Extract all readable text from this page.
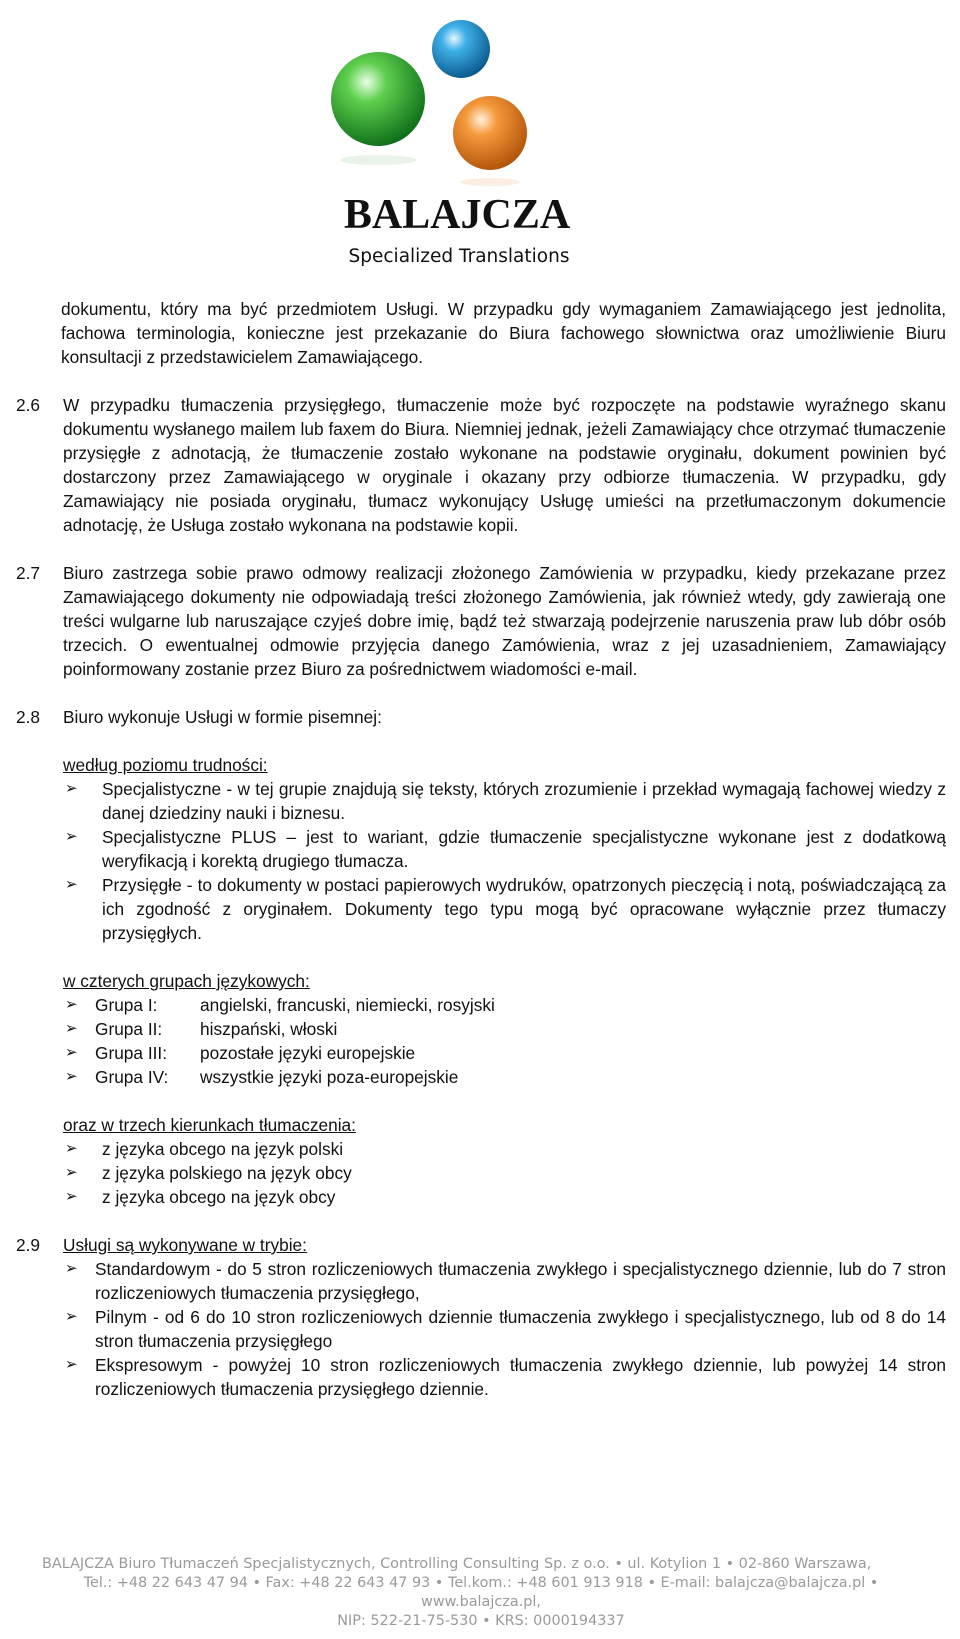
BALAJCZA
Specialized Translations

dokumentu, który ma być przedmiotem Usługi. W przypadku gdy wymaganiem Zamawiającego jest jednolita, fachowa terminologia, konieczne jest przekazanie do Biura fachowego słownictwa oraz umożliwienie Biuru konsultacji z przedstawicielem Zamawiającego.

2.6	W przypadku tłumaczenia przysięgłego, tłumaczenie może być rozpoczęte na podstawie wyraźnego skanu dokumentu wysłanego mailem lub faxem do Biura. Niemniej jednak, jeżeli Zamawiający chce otrzymać tłumaczenie przysięgłe z adnotacją, że tłumaczenie zostało wykonane na podstawie oryginału, dokument powinien być dostarczony przez Zamawiającego w oryginale i okazany przy odbiorze tłumaczenia. W przypadku, gdy Zamawiający nie posiada oryginału, tłumacz wykonujący Usługę umieści na przetłumaczonym dokumencie adnotację, że Usługa zostało wykonana na podstawie kopii.

2.7	Biuro zastrzega sobie prawo odmowy realizacji złożonego Zamówienia w przypadku, kiedy przekazane przez Zamawiającego dokumenty nie odpowiadają treści złożonego Zamówienia, jak również wtedy, gdy zawierają one treści wulgarne lub naruszające czyjeś dobre imię, bądź też stwarzają podejrzenie naruszenia praw lub dóbr osób trzecich. O ewentualnej odmowie przyjęcia danego Zamówienia, wraz z jej uzasadnieniem, Zamawiający poinformowany zostanie przez Biuro za pośrednictwem wiadomości e-mail.

2.8	Biuro wykonuje Usługi w formie pisemnej:

według poziomu trudności:

➢	Specjalistyczne - w tej grupie znajdują się teksty, których zrozumienie i przekład wymagają fachowej wiedzy z danej dziedziny nauki i biznesu.
➢	Specjalistyczne PLUS – jest to wariant, gdzie tłumaczenie specjalistyczne wykonane jest z dodatkową weryfikacją i korektą drugiego tłumacza.
➢	Przysięgłe - to dokumenty w postaci papierowych wydruków, opatrzonych pieczęcią i notą, poświadczającą za ich zgodność z oryginałem. Dokumenty tego typu mogą być opracowane wyłącznie przez tłumaczy przysięgłych.

w czterych grupach językowych:

➢	Grupa I: angielski, francuski, niemiecki, rosyjski
➢	Grupa II: hiszpański, włoski
➢	Grupa III: pozostałe języki europejskie
➢	Grupa IV: wszystkie języki poza-europejskie

oraz w trzech kierunkach tłumaczenia:

➢	z języka obcego na język polski
➢	z języka polskiego na język obcy
➢	z języka obcego na język obcy
2.9	Usługi są wykonywane w trybie:

➢	Standardowym - do 5 stron rozliczeniowych tłumaczenia zwykłego i specjalistycznego dziennie, lub do 7 stron rozliczeniowych tłumaczenia przysięgłego,
➢	Pilnym - od 6 do 10 stron rozliczeniowych dziennie tłumaczenia zwykłego i specjalistycznego, lub od 8 do 14 stron tłumaczenia przysięgłego
➢	Ekspresowym - powyżej 10 stron rozliczeniowych tłumaczenia zwykłego dziennie, lub powyżej 14 stron rozliczeniowych tłumaczenia przysięgłego dziennie.
BALAJCZA Biuro Tłumaczeń Specjalistycznych, Controlling Consulting Sp. z o.o. • ul. Kotylion 1 • 02-860 Warszawa,
Tel.: +48 22 643 47 94 • Fax: +48 22 643 47 93 • Tel.kom.: +48 601 913 918 • E-mail: balajcza@balajcza.pl • www.balajcza.pl,
NIP: 522-21-75-530 • KRS: 0000194337
